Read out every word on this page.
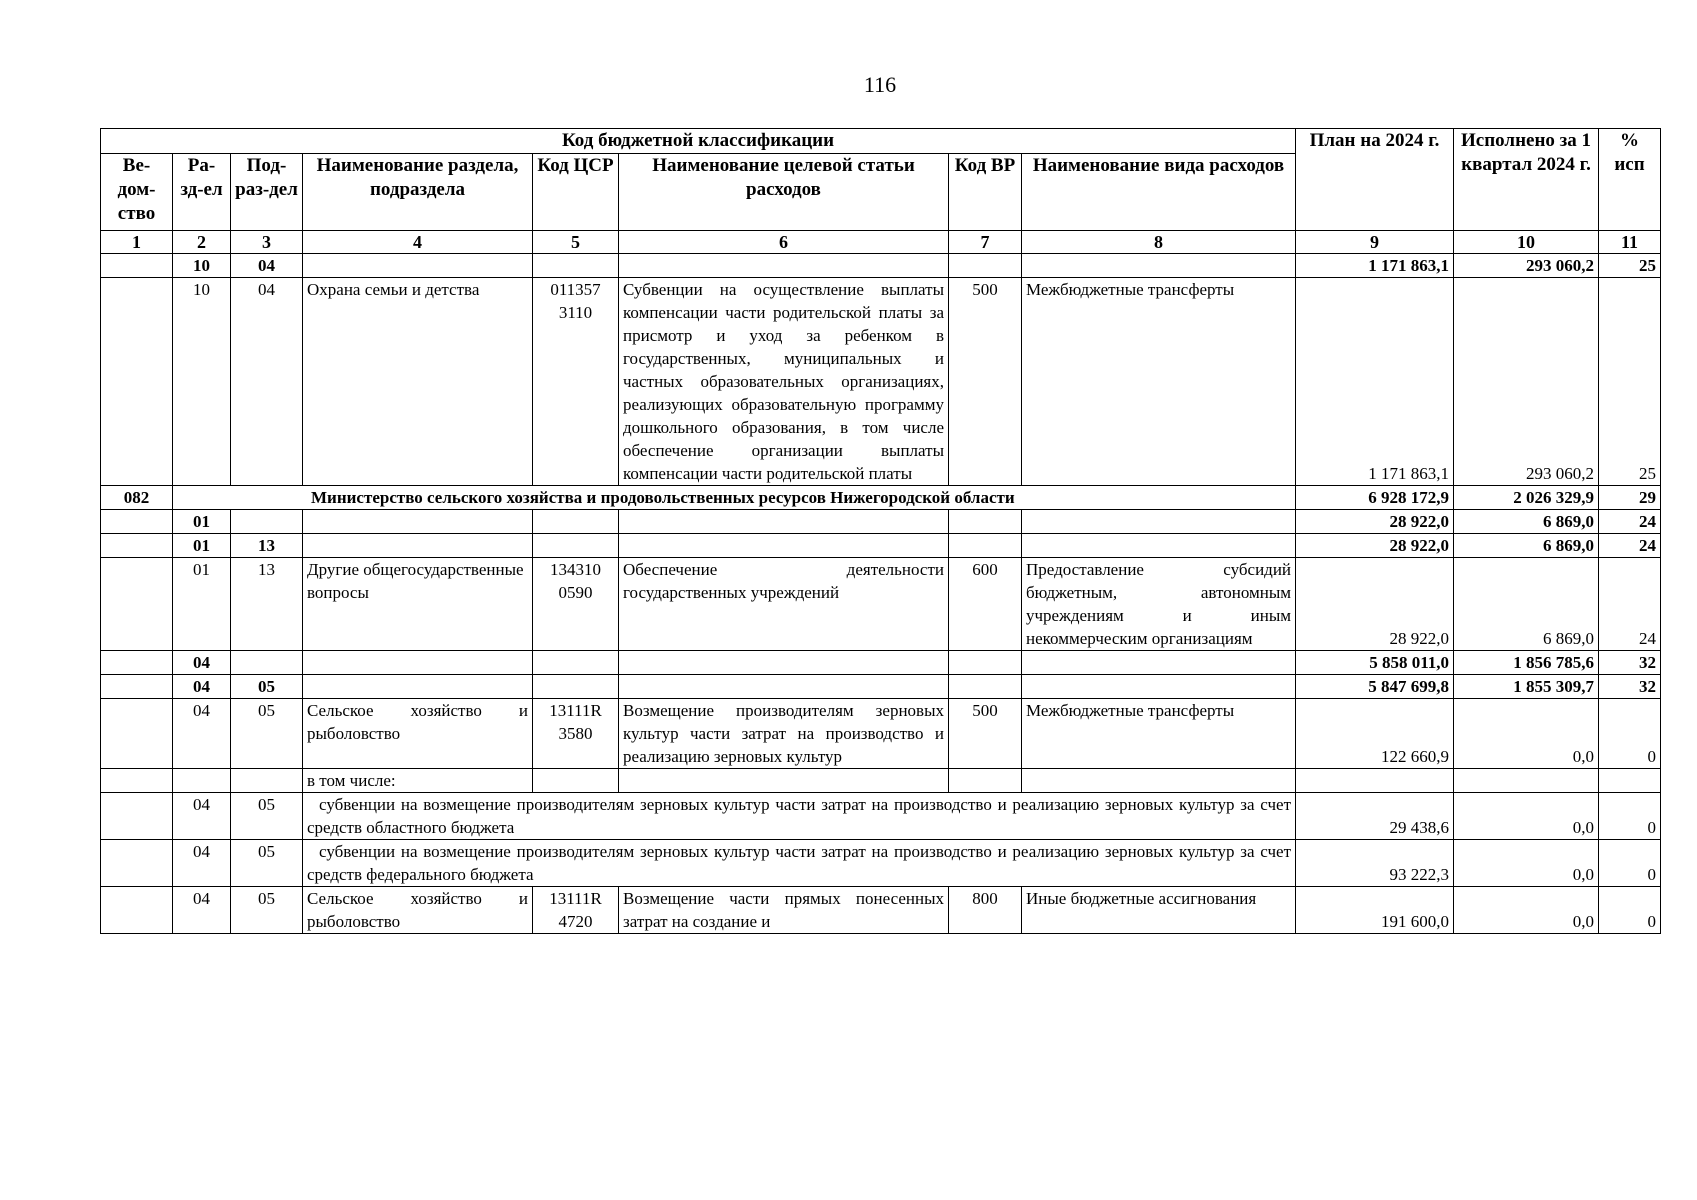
116
Код бюджетной классификации								План на 2024 г.	Исполнено за 1 квартал 2024 г.	% исп
Ве-дом-ство	Ра-зд-ел	Под-раз-дел	Наименование раздела, подраздела	Код ЦСР	Наименование целевой статьи расходов	Код ВР	Наименование вида расходов			
1	2	3	4	5	6	7	8	9	10	11
	10	04						1 171 863,1	293 060,2	25
	10	04	Охрана семьи и детства	011357 3110	Субвенции на осуществление выплаты компенсации части родительской платы за присмотр и уход за ребенком в государственных, муниципальных и частных образовательных организациях, реализующих образовательную программу дошкольного образования, в том числе обеспечение организации выплаты компенсации части родительской платы	500	Межбюджетные трансферты	1 171 863,1	293 060,2	25
082	Министерство сельского хозяйства и продовольственных ресурсов Нижегородской области							6 928 172,9	2 026 329,9	29
	01							28 922,0	6 869,0	24
	01	13						28 922,0	6 869,0	24
	01	13	Другие общегосударственные вопросы	134310 0590	Обеспечение деятельности государственных учреждений	600	Предоставление субсидий бюджетным, автономным учреждениям и иным некоммерческим организациям	28 922,0	6 869,0	24
	04							5 858 011,0	1 856 785,6	32
	04	05						5 847 699,8	1 855 309,7	32
	04	05	Сельское хозяйство и рыболовство	13111R 3580	Возмещение производителям зерновых культур части затрат на производство и реализацию зерновых культур	500	Межбюджетные трансферты	122 660,9	0,0	0
			в том числе:							
	04	05	субвенции на возмещение производителям зерновых культур части затрат на производство и реализацию зерновых культур за счет средств областного бюджета					29 438,6	0,0	0
	04	05	субвенции на возмещение производителям зерновых культур части затрат на производство и реализацию зерновых культур за счет средств федерального бюджета					93 222,3	0,0	0
	04	05	Сельское хозяйство и рыболовство	13111R 4720	Возмещение части прямых понесенных затрат на создание и	800	Иные бюджетные ассигнования	191 600,0	0,0	0
